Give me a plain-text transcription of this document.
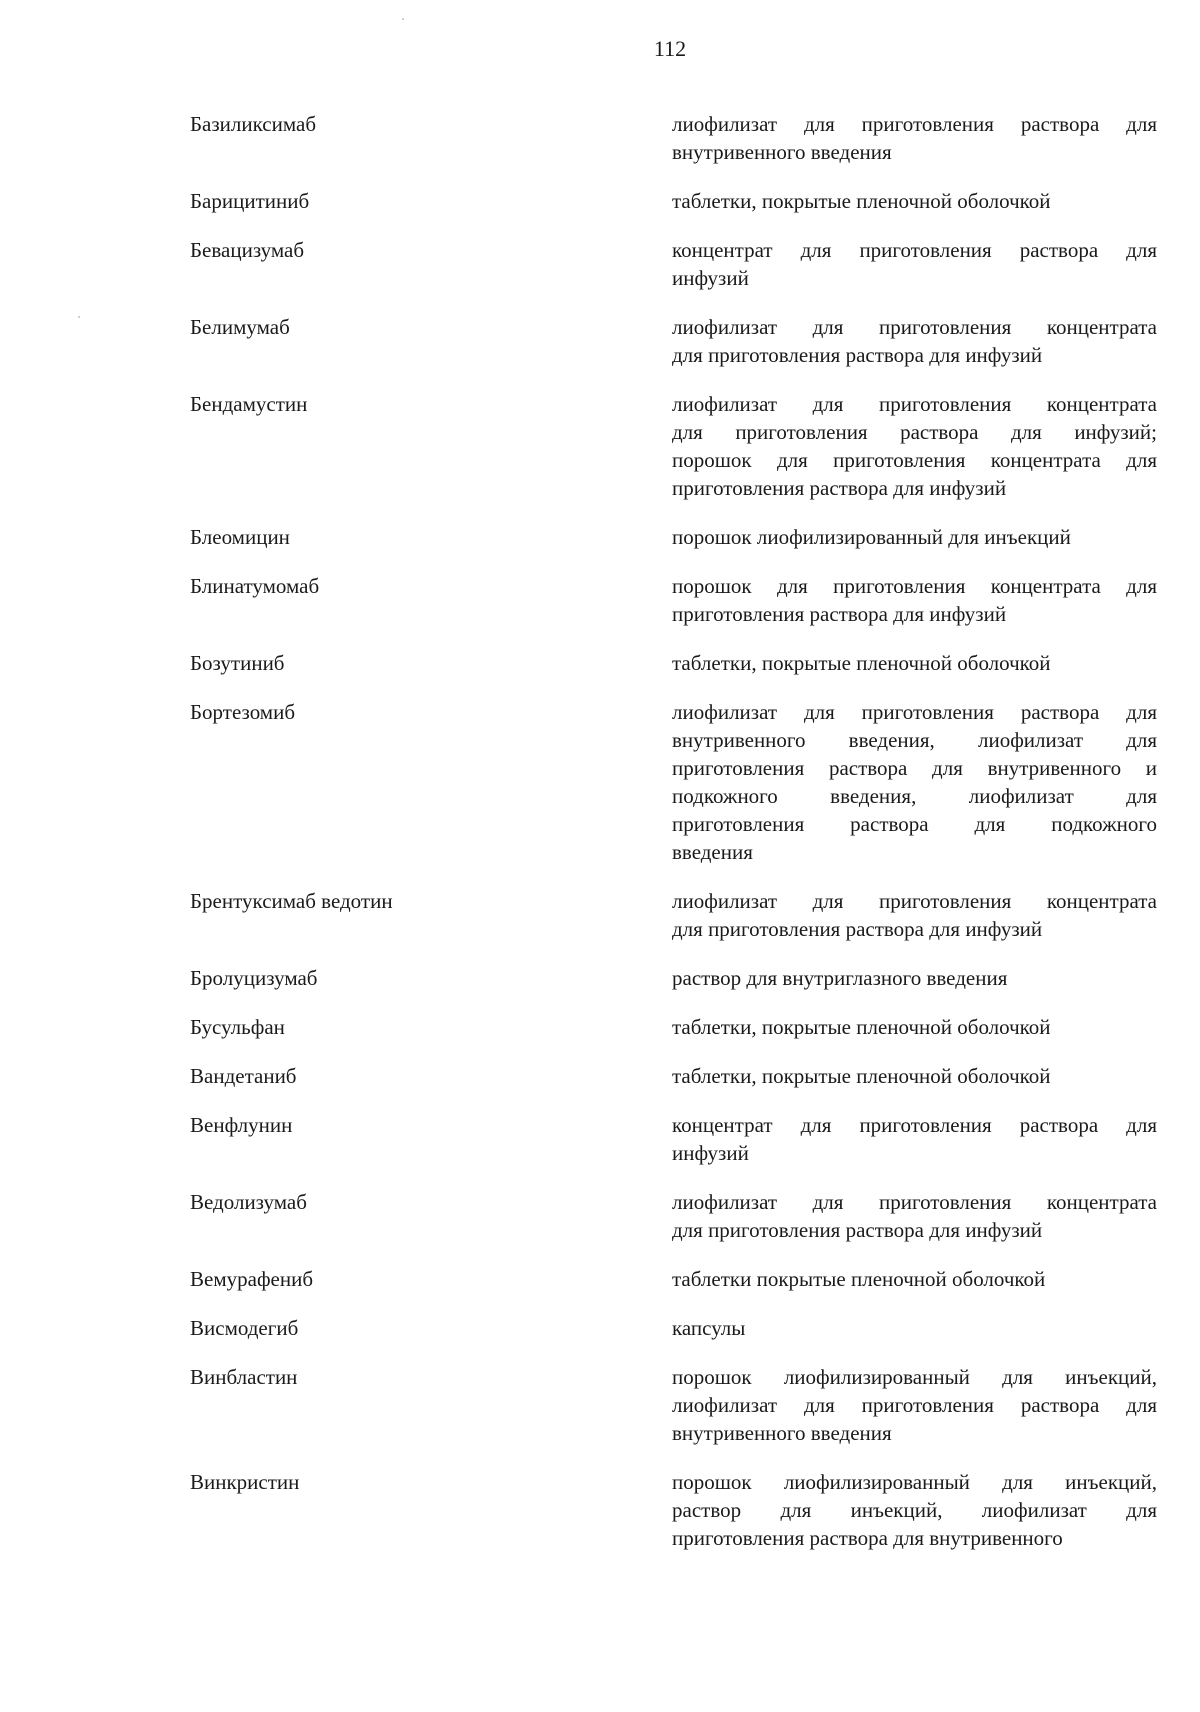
112
Базиликсимаб	лиофилизат для приготовления раствора для
внутривенного введения
Барицитиниб	таблетки, покрытые пленочной оболочкой
Бевацизумаб	концентрат для приготовления раствора для
инфузий
Белимумаб	лиофилизат для приготовления концентрата
для приготовления раствора для инфузий
Бендамустин	лиофилизат для приготовления концентрата
для приготовления раствора для инфузий;
порошок для приготовления концентрата для
приготовления раствора для инфузий
Блеомицин	порошок лиофилизированный для инъекций
Блинатумомаб	порошок для приготовления концентрата для
приготовления раствора для инфузий
Бозутиниб	таблетки, покрытые пленочной оболочкой
Бортезомиб	лиофилизат для приготовления раствора для
внутривенного введения, лиофилизат для
приготовления раствора для внутривенного и
подкожного введения, лиофилизат для
приготовления раствора для подкожного
введения
Брентуксимаб ведотин	лиофилизат для приготовления концентрата
для приготовления раствора для инфузий
Бролуцизумаб	раствор для внутриглазного введения
Бусульфан	таблетки, покрытые пленочной оболочкой
Вандетаниб	таблетки, покрытые пленочной оболочкой
Венфлунин	концентрат для приготовления раствора для
инфузий
Ведолизумаб	лиофилизат для приготовления концентрата
для приготовления раствора для инфузий
Вемурафениб	таблетки покрытые пленочной оболочкой
Висмодегиб	капсулы
Винбластин	порошок лиофилизированный для инъекций,
лиофилизат для приготовления раствора для
внутривенного введения
Винкристин	порошок лиофилизированный для инъекций,
раствор для инъекций, лиофилизат для
приготовления раствора для внутривенного
